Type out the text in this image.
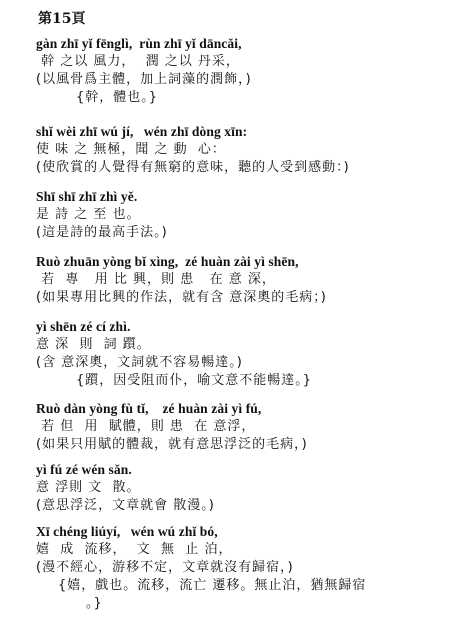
第15頁
gàn zhī yǐ fēnglì,  rùn zhī yǐ dāncǎi,
幹 之以 風力，  潤 之以 丹采，
(以風骨爲主體，加上詞藻的潤飾，)
{幹，體也。}
shǐ wèi zhī wú jí,   wén zhī dòng xīn:
使 味 之 無極，聞 之 動  心：
(使欣賞的人覺得有無窮的意味，聽的人受到感動：)
Shī shī zhī zhì yě.
是 詩 之 至 也。
(這是詩的最高手法。)
Ruò zhuān yòng bǐ xìng,  zé huàn zài yì shēn,
若  專   用 比 興，則 患   在 意 深，
(如果專用比興的作法，就有含 意深奧的毛病；)
yì shēn zé cí zhì.
意 深  則  詞 躓。
(含 意深奧，文詞就不容易暢達。)
{躓，因受阻而仆，喻文意不能暢達。}
Ruò dàn yòng fù tǐ,    zé huàn zài yì fú,
若 但  用  賦體，則 患  在 意浮，
(如果只用賦的體裁，就有意思浮泛的毛病，)
yì fú zé wén sǎn.
意 浮則 文  散。
(意思浮泛，文章就會 散漫。)
Xī chéng liúyí,   wén wú zhǐ bó,
嬉  成  流移，  文  無  止 泊，
(漫不經心，游移不定，文章就沒有歸宿，)
{嬉，戲也。流移，流亡 遷移。無止泊，猶無歸宿
。}
